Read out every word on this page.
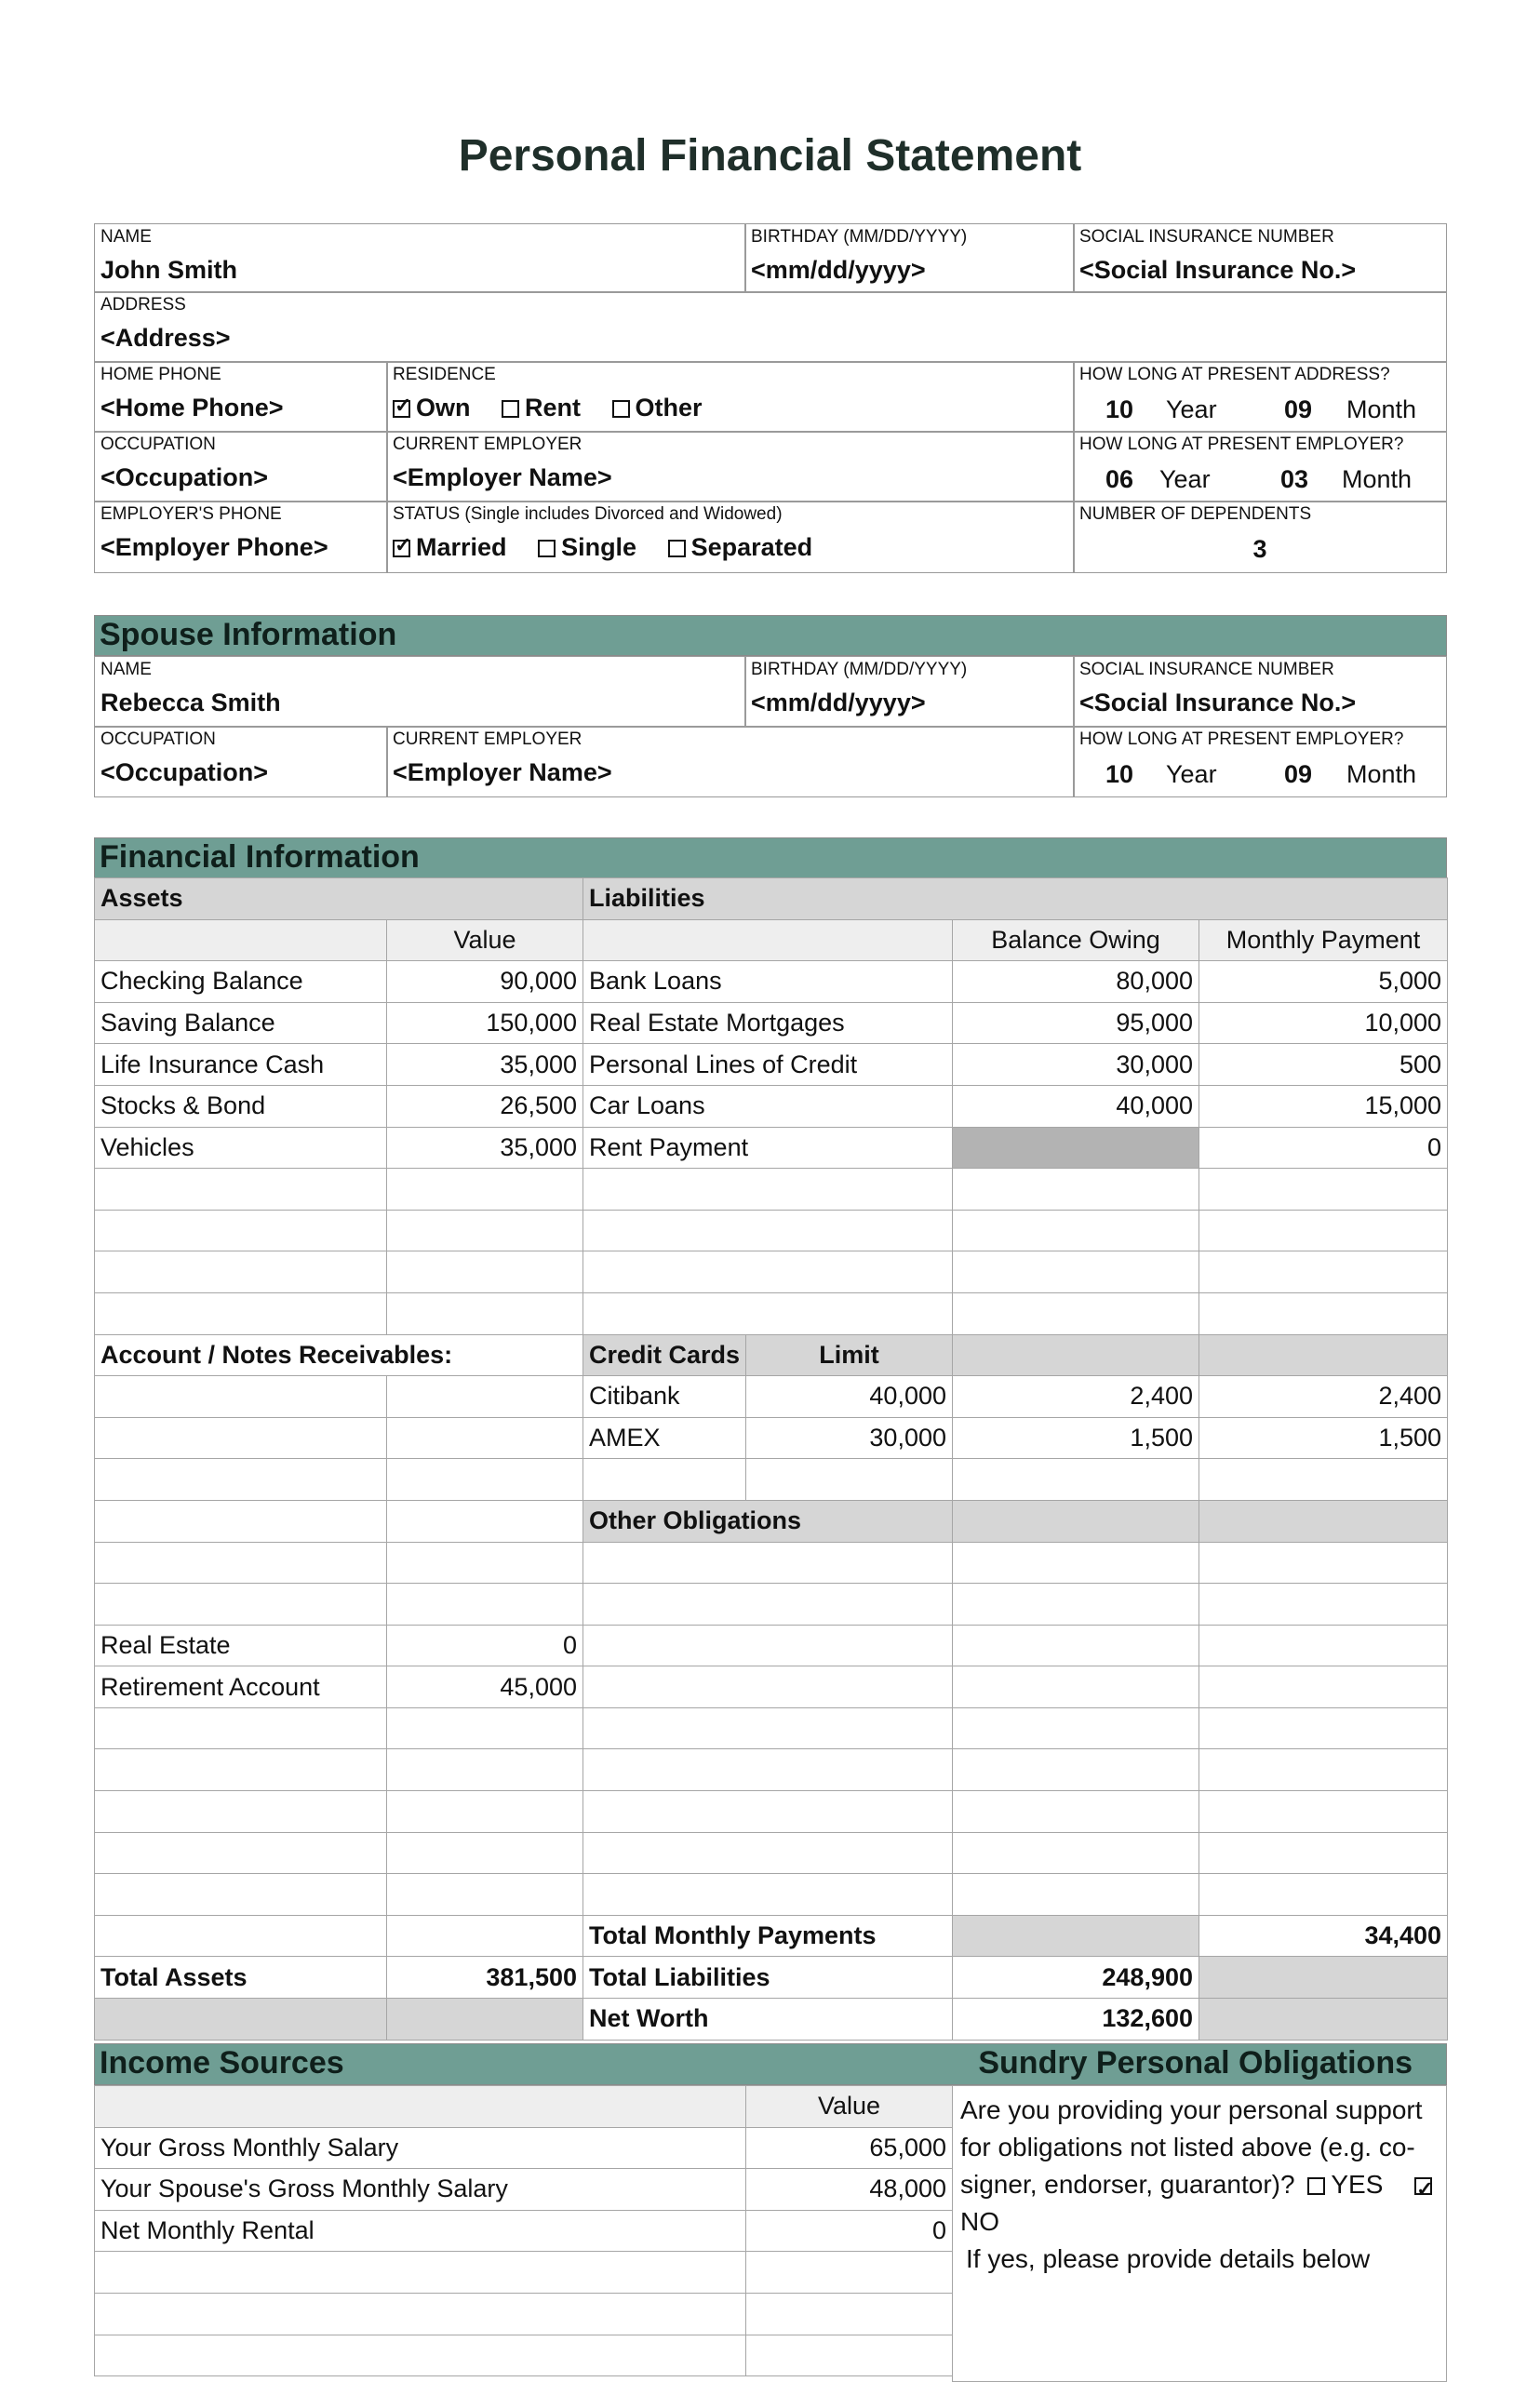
Personal Financial Statement
NAME
John Smith
BIRTHDAY (MM/DD/YYYY)
<mm/dd/yyyy>
SOCIAL INSURANCE NUMBER
<Social Insurance No.>
ADDRESS
<Address>
HOME PHONE
<Home Phone>
RESIDENCE
✓Own Rent Other
HOW LONG AT PRESENT ADDRESS?
10 Year	09 Month
OCCUPATION
<Occupation>
CURRENT EMPLOYER
<Employer Name>
HOW LONG AT PRESENT EMPLOYER?
06 Year	03 Month
EMPLOYER'S PHONE
<Employer Phone>
STATUS (Single includes Divorced and Widowed)
✓Married Single Separated
NUMBER OF DEPENDENTS
3
Spouse Information
NAME
Rebecca Smith
BIRTHDAY (MM/DD/YYYY)
<mm/dd/yyyy>
SOCIAL INSURANCE NUMBER
<Social Insurance No.>
OCCUPATION
<Occupation>
CURRENT EMPLOYER
<Employer Name>
HOW LONG AT PRESENT EMPLOYER?
10 Year	09 Month
Financial Information
Assets		Liabilities			
	Value			Balance Owing	Monthly Payment
Checking Balance	90,000	Bank Loans		80,000	5,000
Saving Balance	150,000	Real Estate Mortgages		95,000	10,000
Life Insurance Cash	35,000	Personal Lines of Credit		30,000	500
Stocks & Bond	26,500	Car Loans		40,000	15,000
Vehicles	35,000	Rent Payment			0

Account / Notes Receivables:		Credit Cards	Limit		
		Citibank	40,000	2,400	2,400
		AMEX	30,000	1,500	1,500

		Other Obligations			

Real Estate	0				
Retirement Account	45,000				

		Total Monthly Payments			34,400
Total Assets	381,500	Total Liabilities		248,900	
		Net Worth		132,600	
Income Sources	Sundry Personal Obligations
	Value
Your Gross Monthly Salary	65,000
Your Spouse's Gross Monthly Salary	48,000
Net Monthly Rental	0

Are you providing your personal support for obligations not listed above (e.g. co-signer, endorser, guarantor)? YES ✓NO
If yes, please provide details below
